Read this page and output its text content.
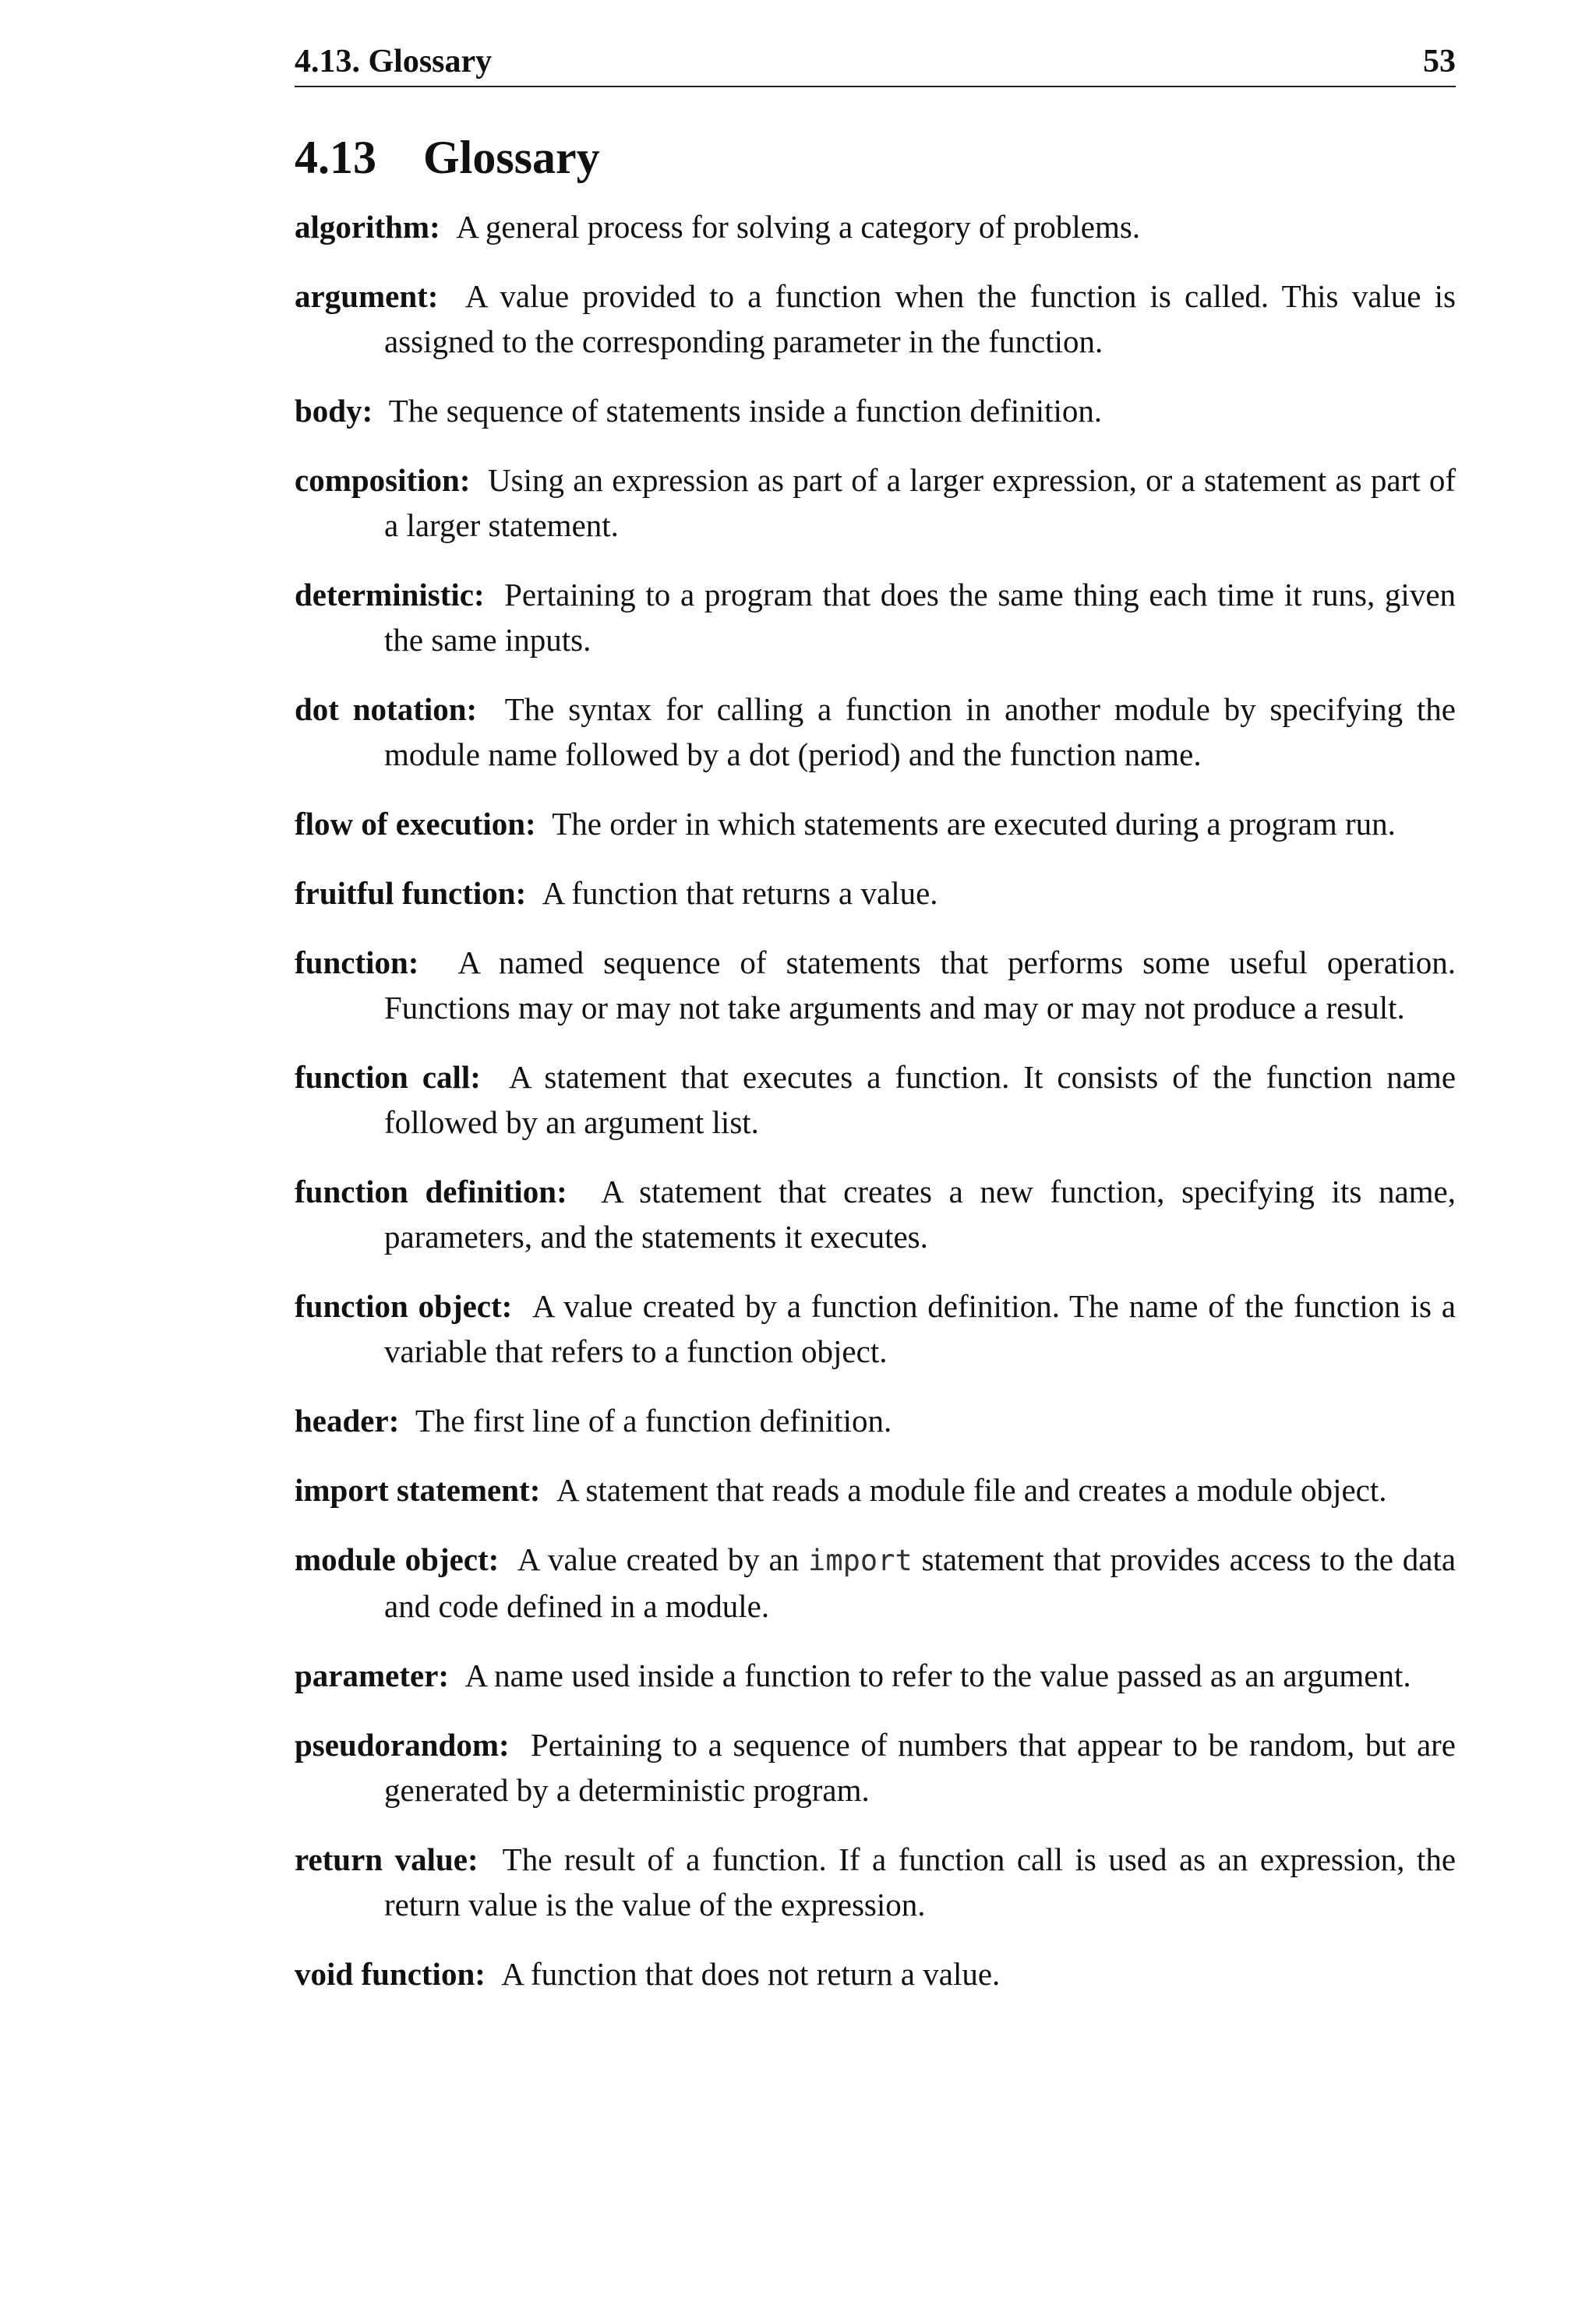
4.13. Glossary	53
4.13 Glossary

algorithm: A general process for solving a category of problems.

argument: A value provided to a function when the function is called. This value is assigned to the corresponding parameter in the function.

body: The sequence of statements inside a function definition.

composition: Using an expression as part of a larger expression, or a statement as part of a larger statement.

deterministic: Pertaining to a program that does the same thing each time it runs, given the same inputs.

dot notation: The syntax for calling a function in another module by specifying the module name followed by a dot (period) and the function name.

flow of execution: The order in which statements are executed during a program run.

fruitful function: A function that returns a value.

function: A named sequence of statements that performs some useful operation. Functions may or may not take arguments and may or may not produce a result.

function call: A statement that executes a function. It consists of the function name followed by an argument list.

function definition: A statement that creates a new function, specifying its name, parameters, and the statements it executes.

function object: A value created by a function definition. The name of the function is a variable that refers to a function object.

header: The first line of a function definition.

import statement: A statement that reads a module file and creates a module object.

module object: A value created by an import statement that provides access to the data and code defined in a module.

parameter: A name used inside a function to refer to the value passed as an argument.

pseudorandom: Pertaining to a sequence of numbers that appear to be random, but are generated by a deterministic program.

return value: The result of a function. If a function call is used as an expression, the return value is the value of the expression.

void function: A function that does not return a value.
